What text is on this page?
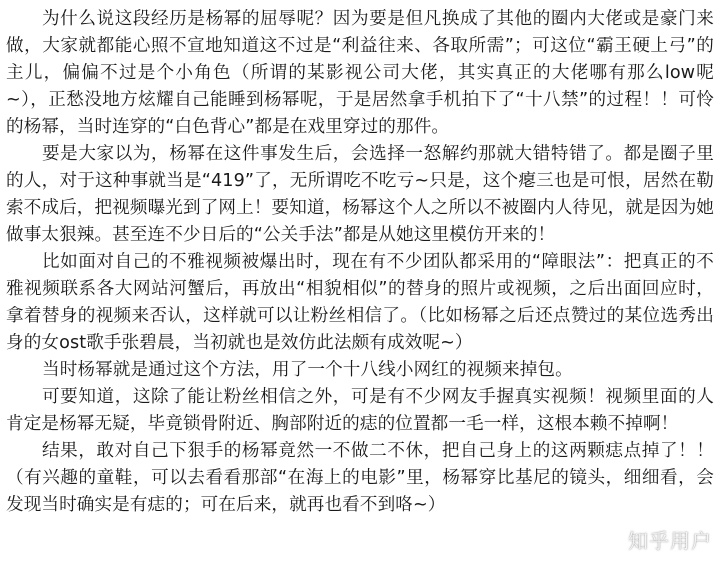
为什么说这段经历是杨幂的屈辱呢？因为要是但凡换成了其他的圈内大佬或是豪门来做，大家就都能心照不宣地知道这不过是“利益往来、各取所需”；可这位“霸王硬上弓”的主儿，偏偏不过是个小角色（所谓的某影视公司大佬，其实真正的大佬哪有那么low呢~），正愁没地方炫耀自己能睡到杨幂呢，于是居然拿手机拍下了“十八禁”的过程！！可怜的杨幂，当时连穿的“白色背心”都是在戏里穿过的那件。

要是大家以为，杨幂在这件事发生后，会选择一怒解约那就大错特错了。都是圈子里的人，对于这种事就当是“419”了，无所谓吃不吃亏~只是，这个瘪三也是可恨，居然在勒索不成后，把视频曝光到了网上！要知道，杨幂这个人之所以不被圈内人待见，就是因为她做事太狠辣。甚至连不少日后的“公关手法”都是从她这里模仿开来的！

比如面对自己的不雅视频被爆出时，现在有不少团队都采用的“障眼法”：把真正的不雅视频联系各大网站河蟹后，再放出“相貌相似”的替身的照片或视频，之后出面回应时，拿着替身的视频来否认，这样就可以让粉丝相信了。（比如杨幂之后还点赞过的某位选秀出身的女ost歌手张碧晨，当初就也是效仿此法颇有成效呢~）

当时杨幂就是通过这个方法，用了一个十八线小网红的视频来掉包。

可要知道，这除了能让粉丝相信之外，可是有不少网友手握真实视频！视频里面的人肯定是杨幂无疑，毕竟锁骨附近、胸部附近的痣的位置都一毛一样，这根本赖不掉啊！

结果，敢对自己下狠手的杨幂竟然一不做二不休，把自己身上的这两颗痣点掉了！！（有兴趣的童鞋，可以去看看那部“在海上的电影”里，杨幂穿比基尼的镜头，细细看，会发现当时确实是有痣的；可在后来，就再也看不到咯~）

知乎用户
